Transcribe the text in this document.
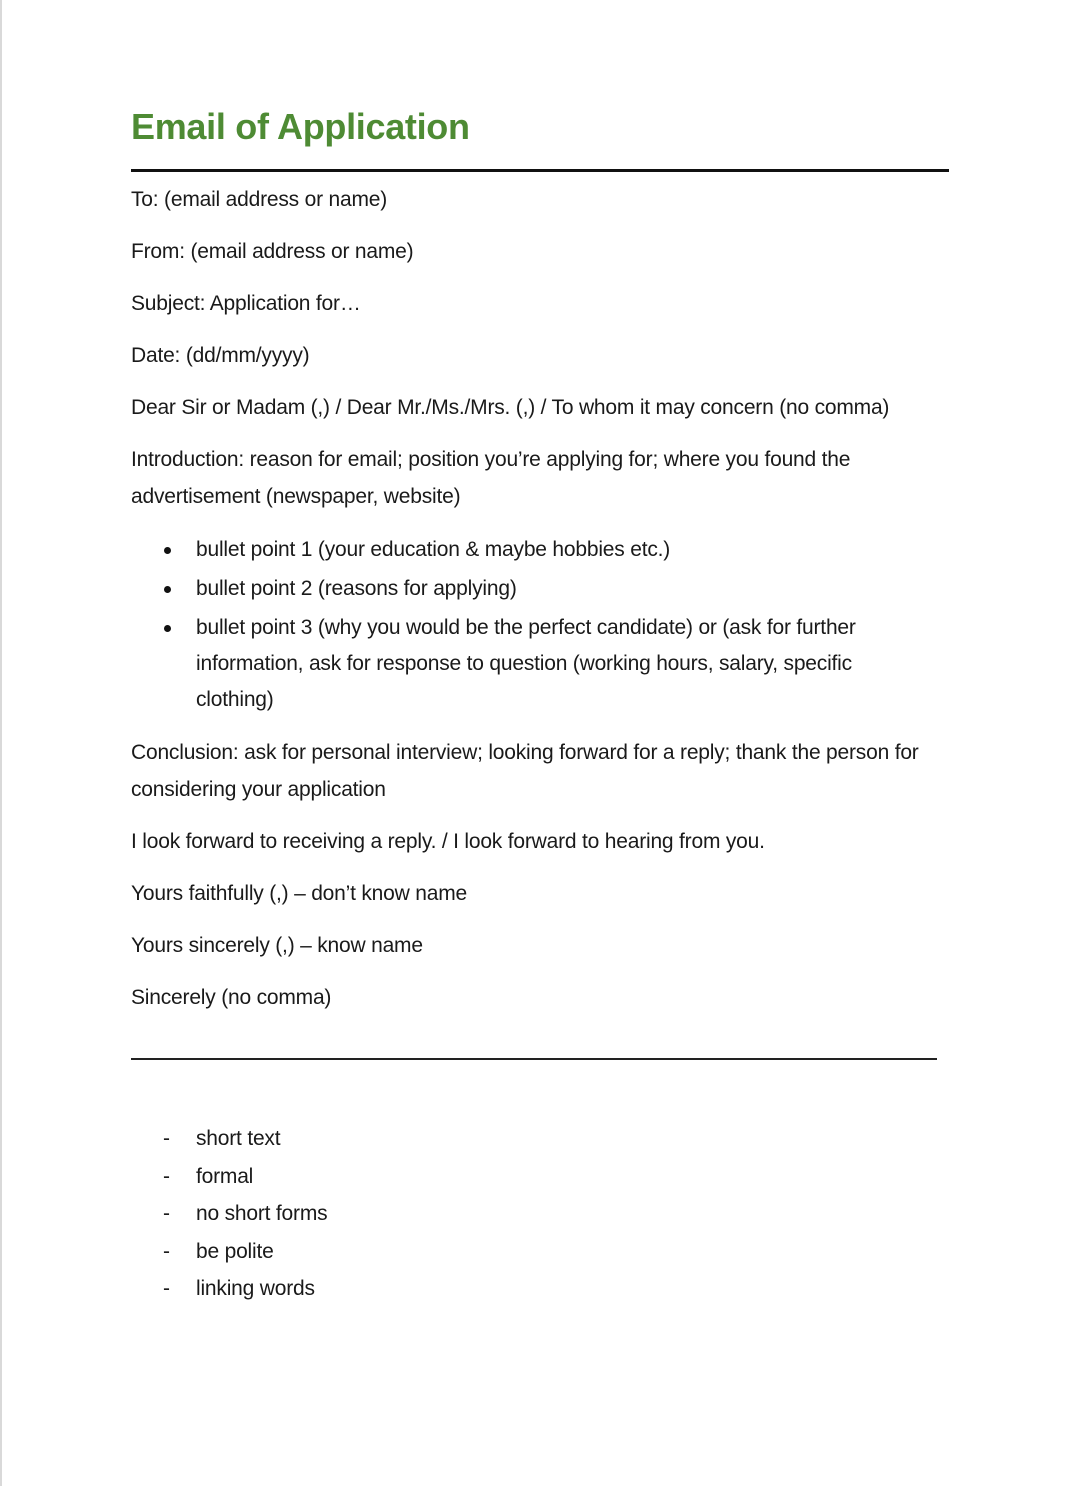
Email of Application

To: (email address or name)

From: (email address or name)

Subject: Application for…

Date: (dd/mm/yyyy)

Dear Sir or Madam (,) / Dear Mr./Ms./Mrs. (,) / To whom it may concern (no comma)

Introduction: reason for email; position you’re applying for; where you found the advertisement (newspaper, website)

bullet point 1 (your education & maybe hobbies etc.)
bullet point 2 (reasons for applying)
bullet point 3 (why you would be the perfect candidate) or (ask for further information, ask for response to question (working hours, salary, specific clothing)

Conclusion: ask for personal interview; looking forward for a reply; thank the person for considering your application

I look forward to receiving a reply. / I look forward to hearing from you.

Yours faithfully (,) – don’t know name

Yours sincerely (,) – know name

Sincerely (no comma)

- short text
- formal
- no short forms
- be polite
- linking words
